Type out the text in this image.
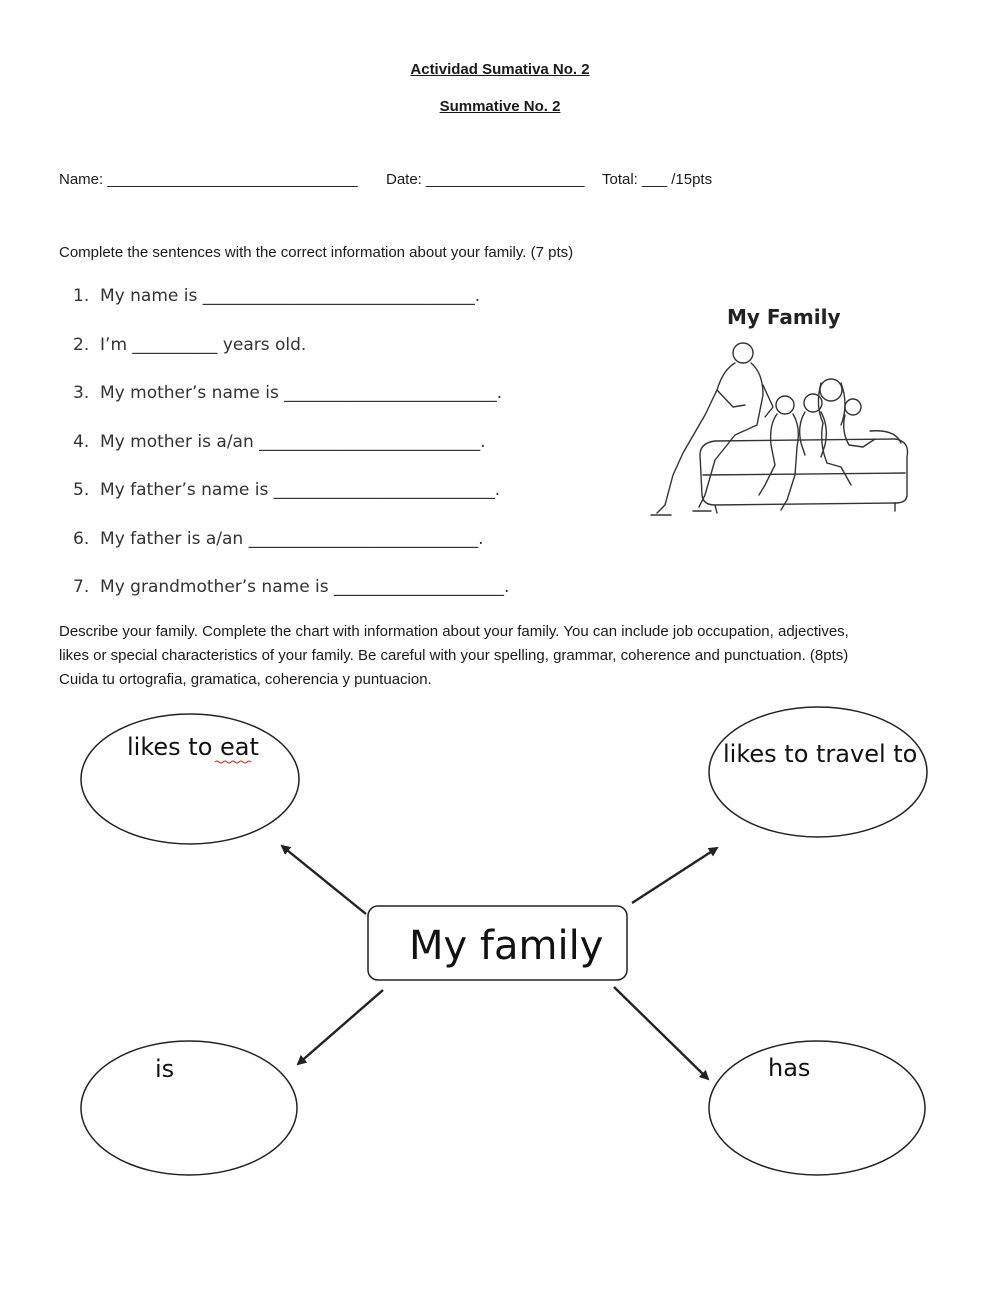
Actividad Sumativa No. 2
Summative No. 2
Name: ______________________________ Date: ___________________ Total: ___ /15pts
Complete the sentences with the correct information about your family. (7 pts)
1.  My name is ________________________________.
2.  I’m __________ years old.
3.  My mother’s name is _________________________.
4.  My mother is a/an __________________________.
5.  My father’s name is __________________________.
6.  My father is a/an ___________________________.
7.  My grandmother’s name is ____________________.
My Family
Describe your family. Complete the chart with information about your family. You can include job occupation, adjectives,
likes or special characteristics of your family. Be careful with your spelling, grammar, coherence and punctuation. (8pts)
Cuida tu ortografia, gramatica, coherencia y puntuacion.
likes to eat	likes to travel to
is	has
My family
